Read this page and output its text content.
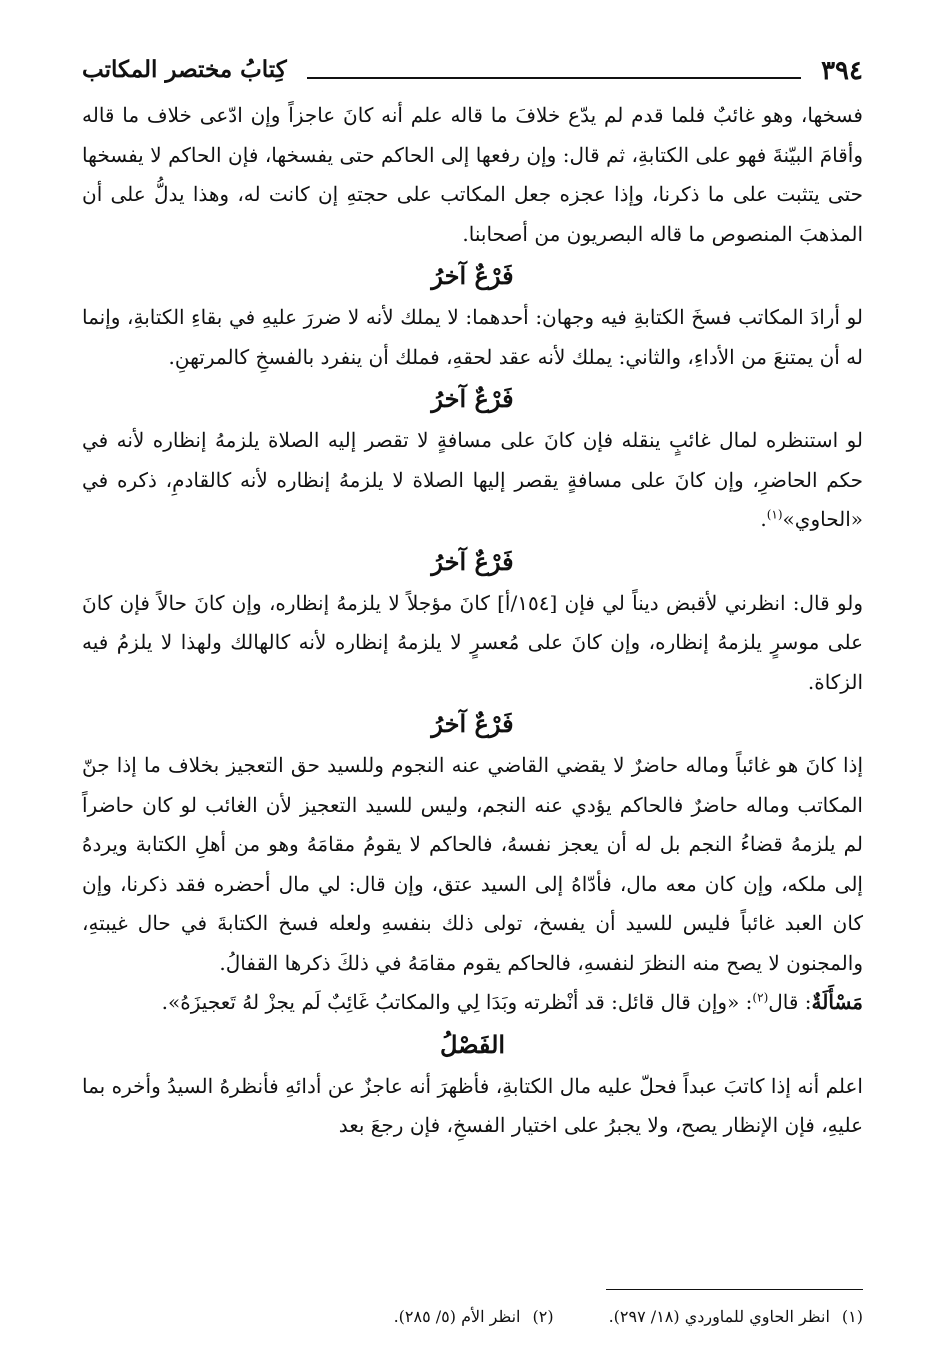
٣٩٤
كِتابُ مختصر المكاتب

فسخها، وهو غائبٌ فلما قدم لم يدّع خلافَ ما قاله علم أنه كانَ عاجزاً وإن ادّعى خلاف ما قاله وأقامَ البيّنةَ فهو على الكتابةِ، ثم قال: وإن رفعها إلى الحاكم حتى يفسخها، فإن الحاكم لا يفسخها حتى يتثبت على ما ذكرنا، وإذا عجزه جعل المكاتب على حجتهِ إن كانت له، وهذا يدلُّ على أن المذهبَ المنصوص ما قاله البصريون من أصحابنا.

فَرْعٌ آخرُ

لو أرادَ المكاتب فسخَ الكتابةِ فيه وجهان: أحدهما: لا يملك لأنه لا ضررَ عليهِ في بقاءِ الكتابةِ، وإنما له أن يمتنعَ من الأداءِ، والثاني: يملك لأنه عقد لحقهِ، فملك أن ينفرد بالفسخِ كالمرتهنِ.

فَرْعٌ آخرُ

لو استنظره لمال غائبٍ ينقله فإن كانَ على مسافةٍ لا تقصر إليه الصلاة يلزمهُ إنظاره لأنه في حكم الحاضرِ، وإن كانَ على مسافةٍ يقصر إليها الصلاة لا يلزمهُ إنظاره لأنه كالقادمِ، ذكره في «الحاوي»$^{(١)}$.

فَرْعٌ آخرُ

ولو قال: انظرني لأقبض ديناً لي فإن [١٥٤/أ] كانَ مؤجلاً لا يلزمهُ إنظاره، وإن كانَ حالاً فإن كانَ على موسرٍ يلزمهُ إنظاره، وإن كانَ على مُعسرٍ لا يلزمهُ إنظاره لأنه كالهالك ولهذا لا يلزمُ فيه الزكاة.

فَرْعٌ آخرُ

إذا كانَ هو غائباً وماله حاضرٌ لا يقضي القاضي عنه النجوم وللسيد حق التعجيز بخلاف ما إذا جنّ المكاتب وماله حاضرٌ فالحاكم يؤدي عنه النجم، وليس للسيد التعجيز لأن الغائب لو كان حاضراً لم يلزمهُ قضاءُ النجم بل له أن يعجز نفسهُ، فالحاكم لا يقومُ مقامَهُ وهو من أهلِ الكتابة ويردهُ إلى ملكه، وإن كان معه مال، فأدّاهُ إلى السيد عتق، وإن قال: لي مال أحضره فقد ذكرنا، وإن كان العبد غائباً فليس للسيد أن يفسخ، تولى ذلك بنفسهِ ولعله فسخ الكتابةَ في حال غيبتهِ، والمجنون لا يصح منه النظرَ لنفسهِ، فالحاكم يقوم مقامَهُ في ذلكَ ذكرها القفالُ.

مَسْأَلَةٌ: قال$^{(٢)}$: «وإن قال قائل: قد أنْظرته وبَدَا لِي والمكاتبُ غَائِبٌ لَم يجزْ لهُ تَعجيزَهُ».

الفَصْلُ

اعلم أنه إذا كاتبَ عبداً فحلّ عليه مال الكتابةِ، فأظهرَ أنه عاجزٌ عن أدائهِ فأنظرهُ السيدُ وأخره بما عليهِ، فإن الإنظار يصح، ولا يجبرُ على اختيار الفسخِ، فإن رجعَ بعد

(١)انظر الحاوي للماوردي (١٨/ ٢٩٧).(٢)انظر الأم (٥/ ٢٨٥).
